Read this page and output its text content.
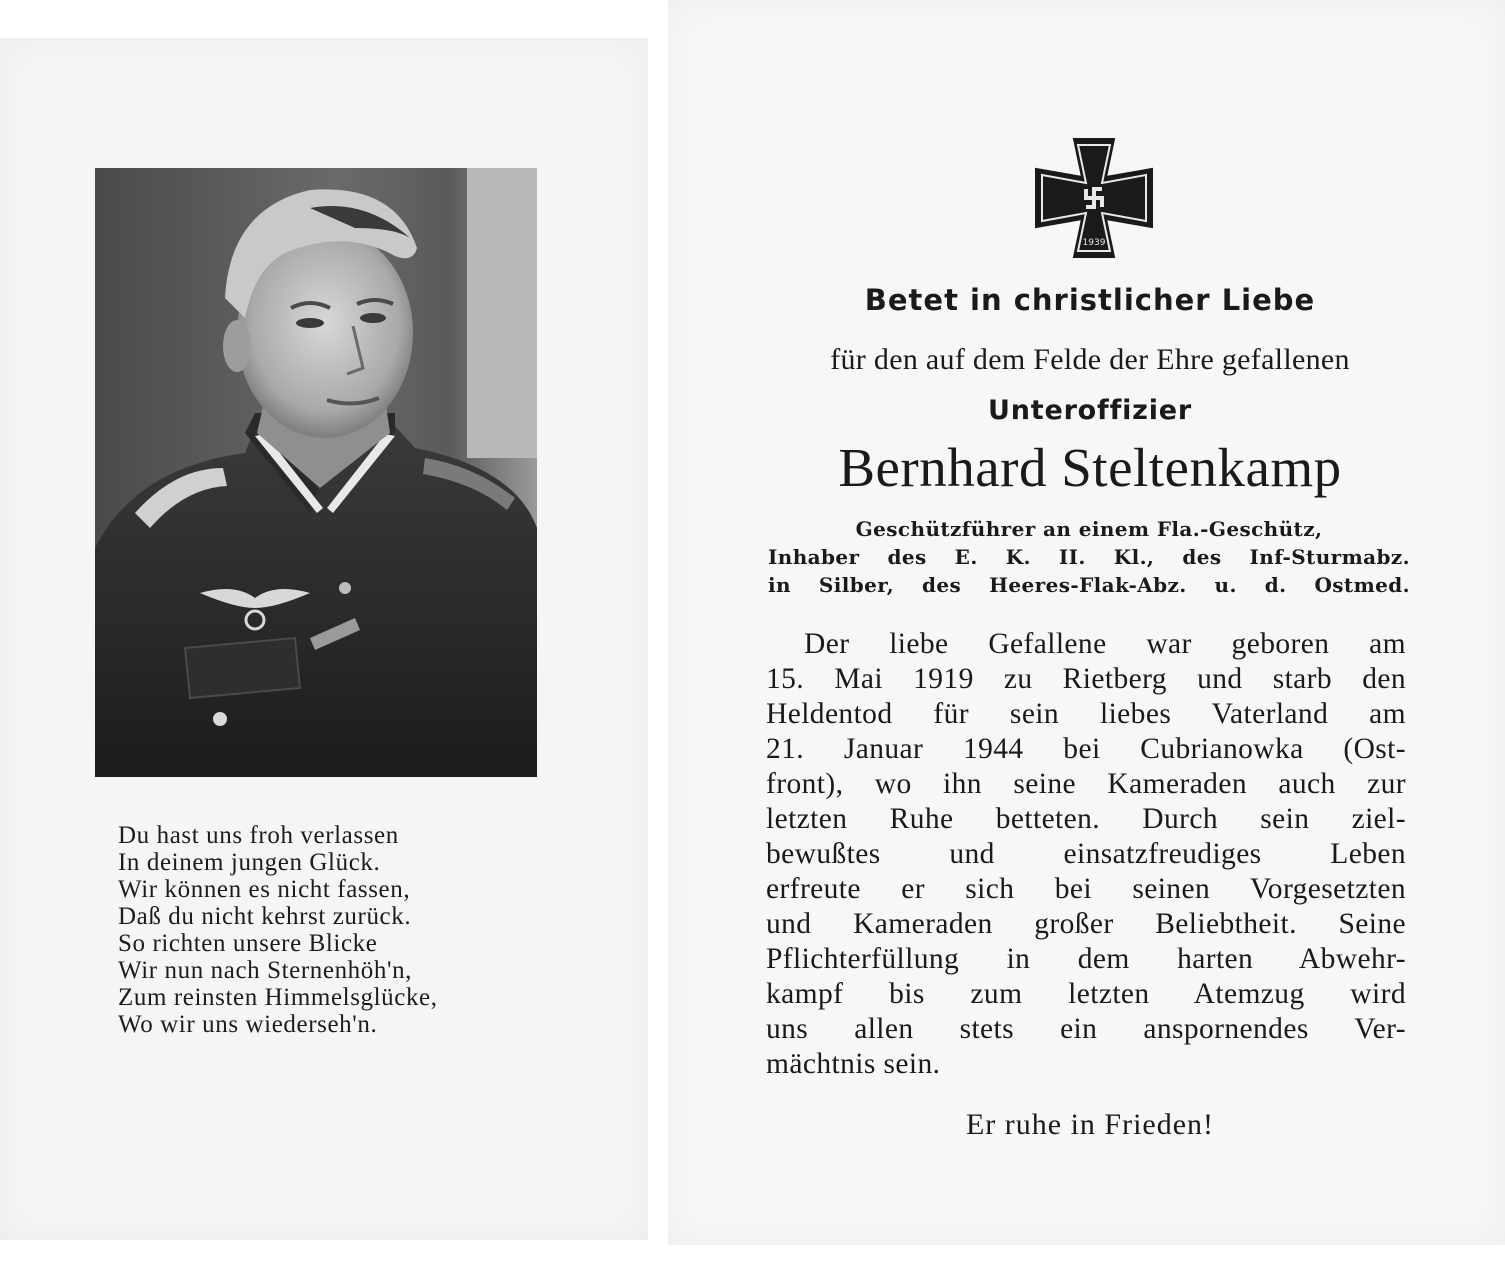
Du hast uns froh verlassen
In deinem jungen Glück.
Wir können es nicht fassen,
Daß du nicht kehrst zurück.
So richten unsere Blicke
Wir nun nach Sternenhöh'n,
Zum reinsten Himmelsglücke,
Wo wir uns wiederseh'n.
1939
Betet in christlicher Liebe
für den auf dem Felde der Ehre gefallenen
Unteroffizier
Bernhard Steltenkamp
Geschützführer an einem Fla.-Geschütz,
Inhaber des E. K. II. Kl., des Inf-Sturmabz.
in Silber, des Heeres-Flak-Abz. u. d. Ostmed.
Der liebe Gefallene war geboren am
15. Mai 1919 zu Rietberg und starb den
Heldentod für sein liebes Vaterland am
21. Januar 1944 bei Cubrianowka (Ost-
front), wo ihn seine Kameraden auch zur
letzten Ruhe betteten. Durch sein ziel-
bewußtes und einsatzfreudiges Leben
erfreute er sich bei seinen Vorgesetzten
und Kameraden großer Beliebtheit. Seine
Pflichterfüllung in dem harten Abwehr-
kampf bis zum letzten Atemzug wird
uns allen stets ein anspornendes Ver-
mächtnis sein.
Er ruhe in Frieden!
